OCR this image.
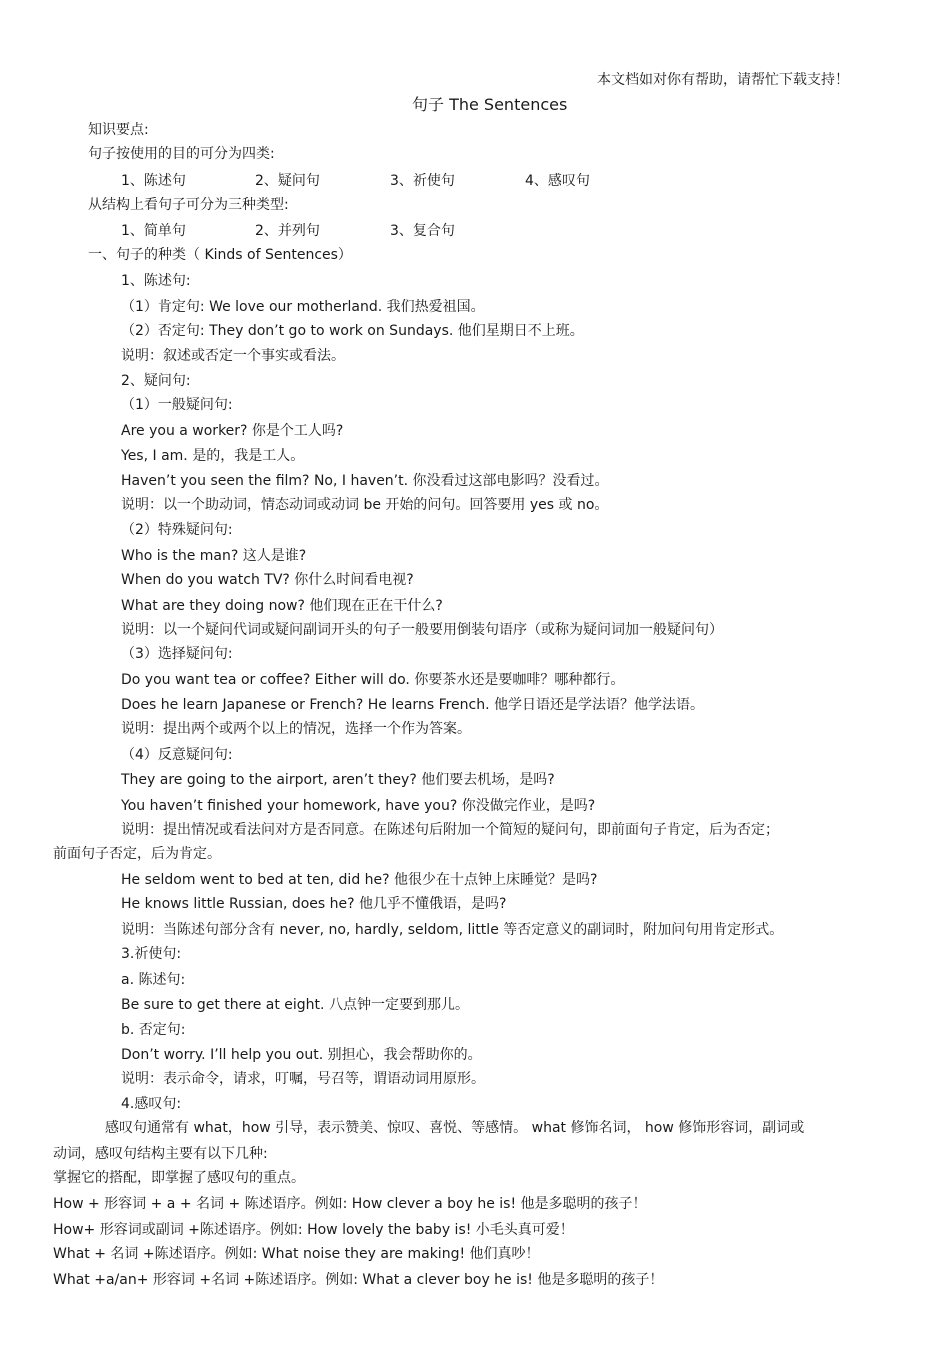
本文档如对你有帮助，请帮忙下载支持！
句子 The Sentences
知识要点:
句子按使用的目的可分为四类:
1、陈述句	2、疑问句	3、祈使句	4、感叹句
从结构上看句子可分为三种类型:
1、简单句	2、并列句	3、复合句
一、句子的种类（ Kinds of Sentences）
1、陈述句:
（1）肯定句: We love our motherland. 我们热爱祖国。
（2）否定句: They don’t go to work on Sundays. 他们星期日不上班。
说明：叙述或否定一个事实或看法。
2、疑问句:
（1）一般疑问句:
Are you a worker? 你是个工人吗?
Yes, I am. 是的，我是工人。
Haven’t you seen the film? No, I haven’t. 你没看过这部电影吗？没看过。
说明：以一个助动词，情态动词或动词 be 开始的问句。回答要用 yes 或 no。
（2）特殊疑问句:
Who is the man? 这人是谁?
When do you watch TV? 你什么时间看电视?
What are they doing now? 他们现在正在干什么?
说明：以一个疑问代词或疑问副词开头的句子一般要用倒装句语序（或称为疑问词加一般疑问句）
（3）选择疑问句:
Do you want tea or coffee? Either will do. 你要茶水还是要咖啡？哪种都行。
Does he learn Japanese or French? He learns French. 他学日语还是学法语？他学法语。
说明：提出两个或两个以上的情况，选择一个作为答案。
（4）反意疑问句:
They are going to the airport, aren’t they? 他们要去机场，是吗?
You haven’t finished your homework, have you? 你没做完作业，是吗?
说明：提出情况或看法问对方是否同意。在陈述句后附加一个简短的疑问句，即前面句子肯定，后为否定；
前面句子否定，后为肯定。
He seldom went to bed at ten, did he? 他很少在十点钟上床睡觉？是吗?
He knows little Russian, does he? 他几乎不懂俄语，是吗?
说明：当陈述句部分含有 never, no, hardly, seldom, little 等否定意义的副词时，附加问句用肯定形式。
3.祈使句:
a. 陈述句:
Be sure to get there at eight. 八点钟一定要到那儿。
b. 否定句:
Don’t worry. I’ll help you out. 别担心，我会帮助你的。
说明：表示命令，请求，叮嘱，号召等，谓语动词用原形。
4.感叹句:
感叹句通常有 what，how 引导，表示赞美、惊叹、喜悦、等感情。 what 修饰名词， how 修饰形容词，副词或
动词，感叹句结构主要有以下几种:
掌握它的搭配，即掌握了感叹句的重点。
How + 形容词 + a + 名词 + 陈述语序。例如: How clever a boy he is! 他是多聪明的孩子！
How+ 形容词或副词 +陈述语序。例如: How lovely the baby is! 小毛头真可爱！
What + 名词 +陈述语序。例如: What noise they are making! 他们真吵！
What +a/an+ 形容词 +名词 +陈述语序。例如: What a clever boy he is! 他是多聪明的孩子！
